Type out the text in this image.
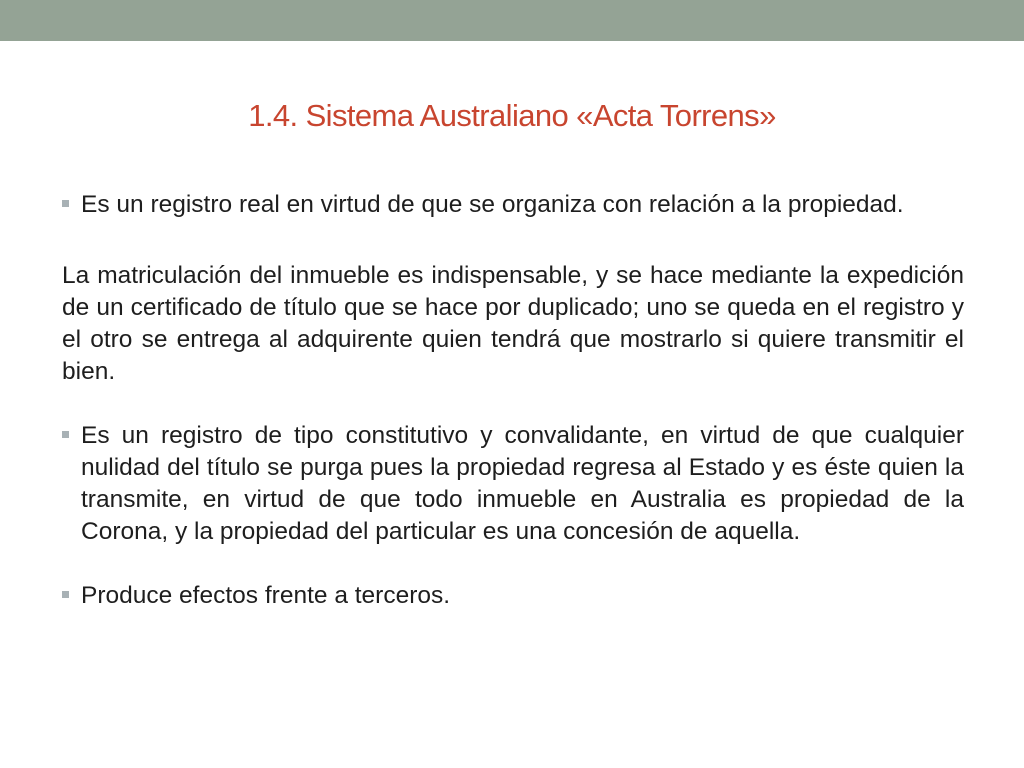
1.4. Sistema Australiano «Acta Torrens»
Es un registro real en virtud de que se organiza con relación a la propiedad.
La matriculación del inmueble es indispensable, y se hace mediante la expedición de un certificado de título que se hace por duplicado; uno se queda en el registro y el otro se entrega al adquirente quien tendrá que mostrarlo si quiere transmitir el bien.
Es un registro de tipo constitutivo y convalidante, en virtud de que cualquier nulidad del título se purga pues la propiedad regresa al Estado y es éste quien la transmite, en virtud de que todo inmueble en Australia es propiedad de la Corona, y la propiedad del particular es una concesión de aquella.
Produce efectos frente a terceros.
